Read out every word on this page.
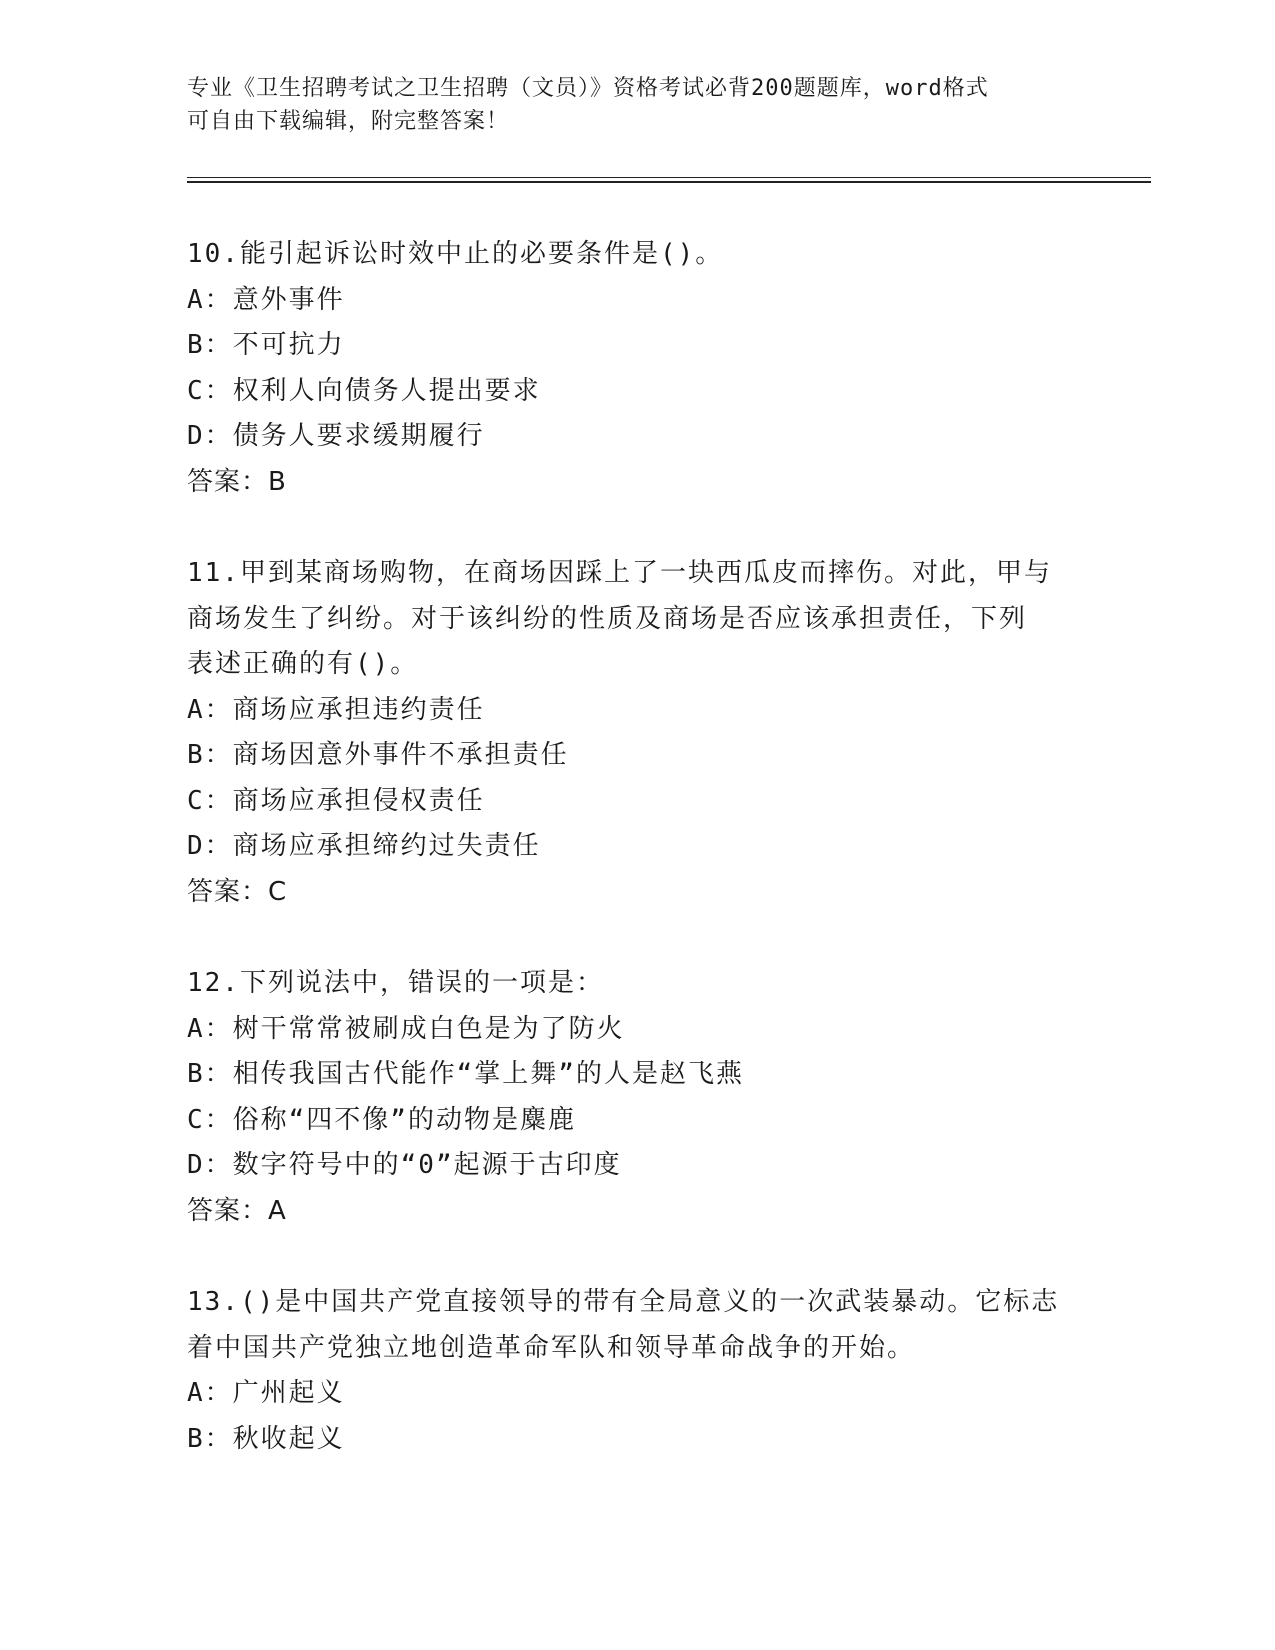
专业《卫生招聘考试之卫生招聘（文员）》资格考试必背200题题库，word格式
可自由下载编辑，附完整答案！
10.能引起诉讼时效中止的必要条件是()。
A：意外事件
B：不可抗力
C：权利人向债务人提出要求
D：债务人要求缓期履行
答案：B
11.甲到某商场购物，在商场因踩上了一块西瓜皮而摔伤。对此，甲与
商场发生了纠纷。对于该纠纷的性质及商场是否应该承担责任，下列
表述正确的有()。
A：商场应承担违约责任
B：商场因意外事件不承担责任
C：商场应承担侵权责任
D：商场应承担缔约过失责任
答案：C
12.下列说法中，错误的一项是：
A：树干常常被刷成白色是为了防火
B：相传我国古代能作“掌上舞”的人是赵飞燕
C：俗称“四不像”的动物是麋鹿
D：数字符号中的“0”起源于古印度
答案：A
13.()是中国共产党直接领导的带有全局意义的一次武装暴动。它标志
着中国共产党独立地创造革命军队和领导革命战争的开始。
A：广州起义
B：秋收起义
